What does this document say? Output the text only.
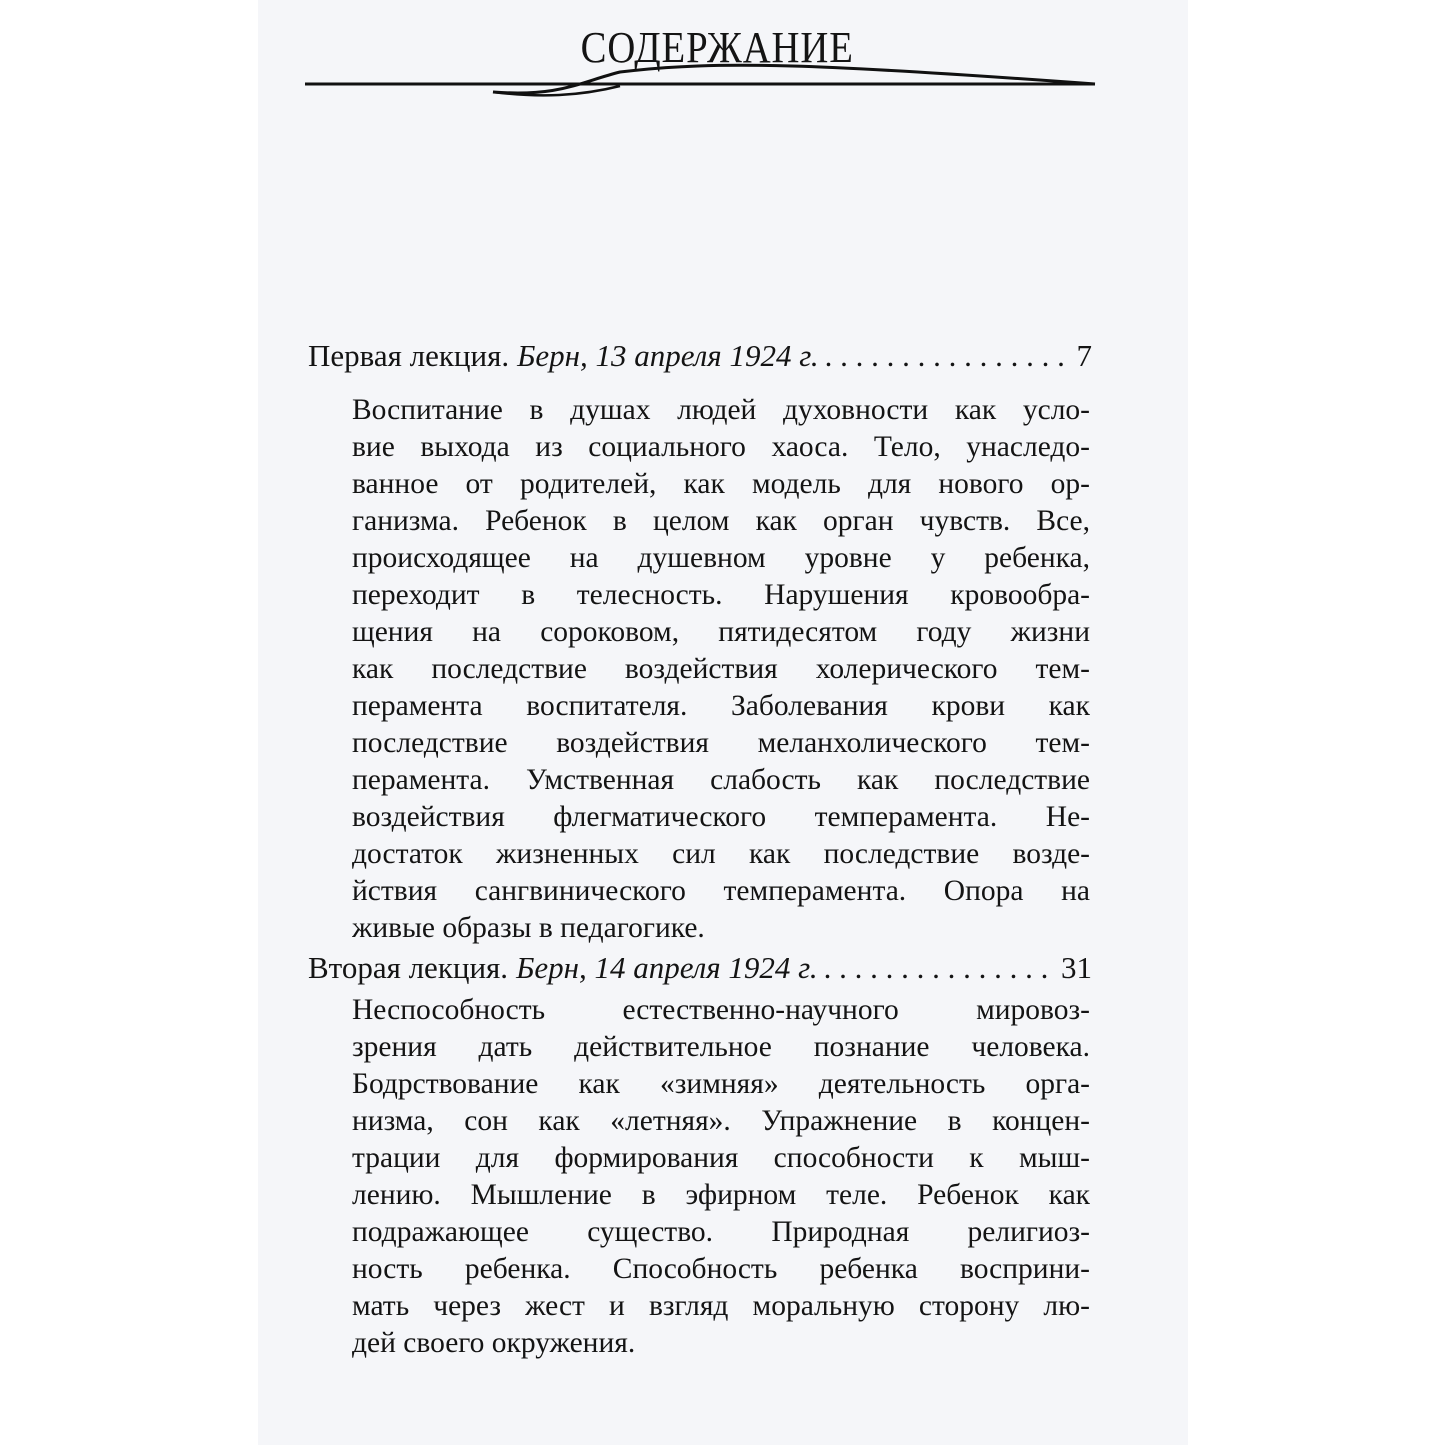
СОДЕРЖАНИЕ
Первая лекция. Берн, 13 апреля 1924 г. . . .	7
Воспитание в душах людей духовности как усло-
вие выхода из социального хаоса. Тело, унаследо-
ванное от родителей, как модель для нового ор-
ганизма. Ребенок в целом как орган чувств. Все,
происходящее на душевном уровне у ребенка,
переходит в телесность. Нарушения кровообра-
щения на сороковом, пятидесятом году жизни
как последствие воздействия холерического тем-
перамента воспитателя. Заболевания крови как
последствие воздействия меланхолического тем-
перамента. Умственная слабость как последствие
воздействия флегматического темперамента. Не-
достаток жизненных сил как последствие возде-
йствия сангвинического темперамента. Опора на
живые образы в педагогике.
Вторая лекция. Берн, 14 апреля 1924 г. . . .	31
Неспособность естественно-научного мировоз-
зрения дать действительное познание человека.
Бодрствование как «зимняя» деятельность орга-
низма, сон как «летняя». Упражнение в концен-
трации для формирования способности к мыш-
лению. Мышление в эфирном теле. Ребенок как
подражающее существо. Природная религиоз-
ность ребенка. Способность ребенка восприни-
мать через жест и взгляд моральную сторону лю-
дей своего окружения.
